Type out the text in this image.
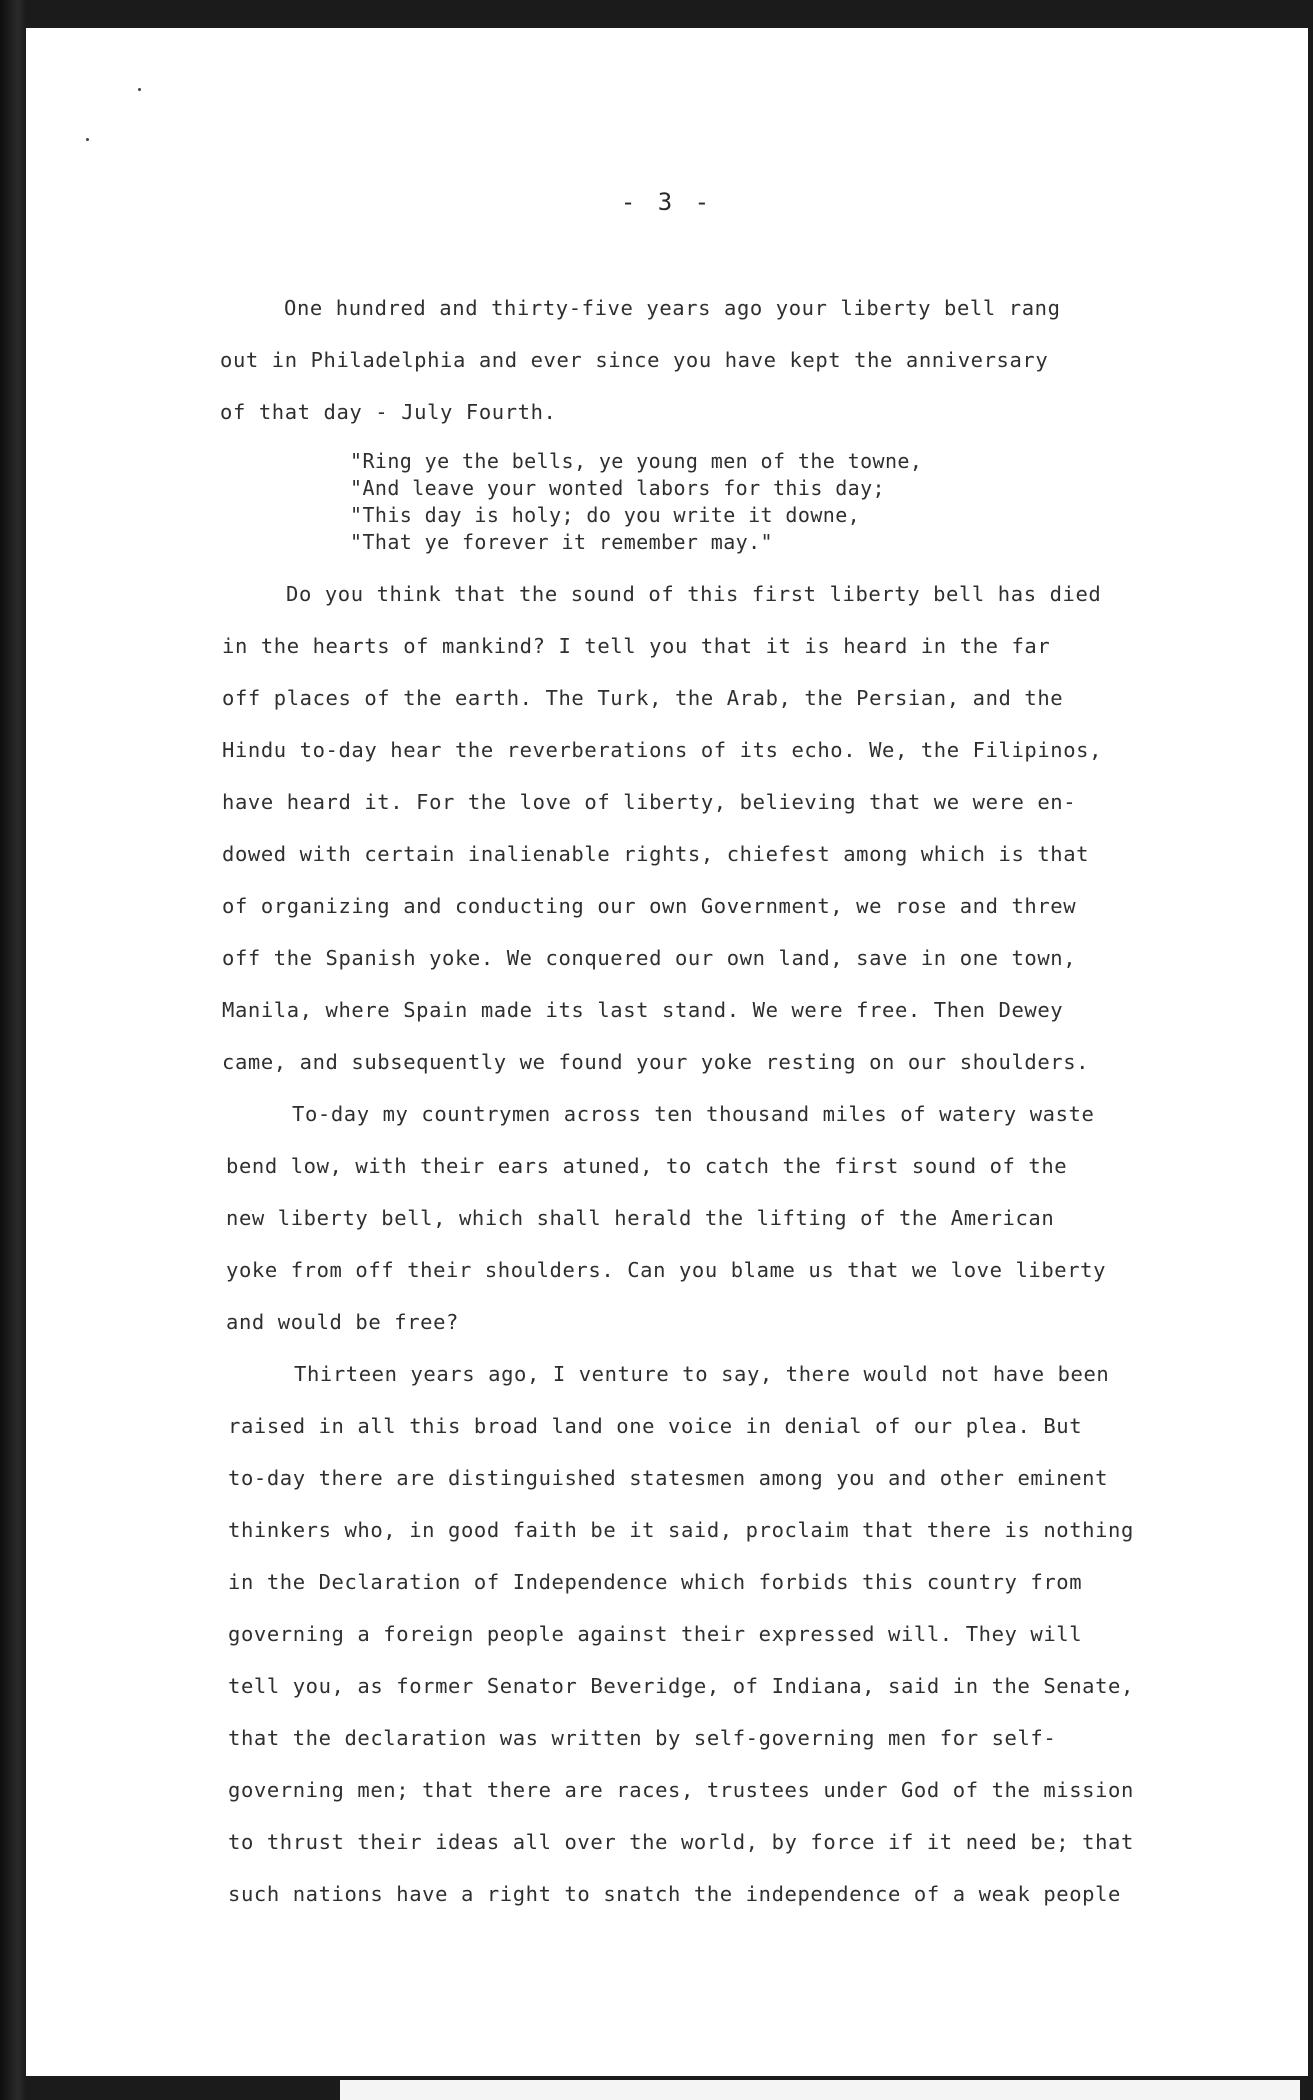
- 3 -
One hundred and thirty-five years ago your liberty bell rang
out in Philadelphia and ever since you have kept the anniversary
of that day - July Fourth.
"Ring ye the bells, ye young men of the towne,
"And leave your wonted labors for this day;
"This day is holy; do you write it downe,
"That ye forever it remember may."
Do you think that the sound of this first liberty bell has died
in the hearts of mankind? I tell you that it is heard in the far
off places of the earth. The Turk, the Arab, the Persian, and the
Hindu to-day hear the reverberations of its echo. We, the Filipinos,
have heard it. For the love of liberty, believing that we were en-
dowed with certain inalienable rights, chiefest among which is that
of organizing and conducting our own Government, we rose and threw
off the Spanish yoke. We conquered our own land, save in one town,
Manila, where Spain made its last stand. We were free. Then Dewey
came, and subsequently we found your yoke resting on our shoulders.
To-day my countrymen across ten thousand miles of watery waste
bend low, with their ears atuned, to catch the first sound of the
new liberty bell, which shall herald the lifting of the American
yoke from off their shoulders. Can you blame us that we love liberty
and would be free?
Thirteen years ago, I venture to say, there would not have been
raised in all this broad land one voice in denial of our plea. But
to-day there are distinguished statesmen among you and other eminent
thinkers who, in good faith be it said, proclaim that there is nothing
in the Declaration of Independence which forbids this country from
governing a foreign people against their expressed will. They will
tell you, as former Senator Beveridge, of Indiana, said in the Senate,
that the declaration was written by self-governing men for self-
governing men; that there are races, trustees under God of the mission
to thrust their ideas all over the world, by force if it need be; that
such nations have a right to snatch the independence of a weak people
